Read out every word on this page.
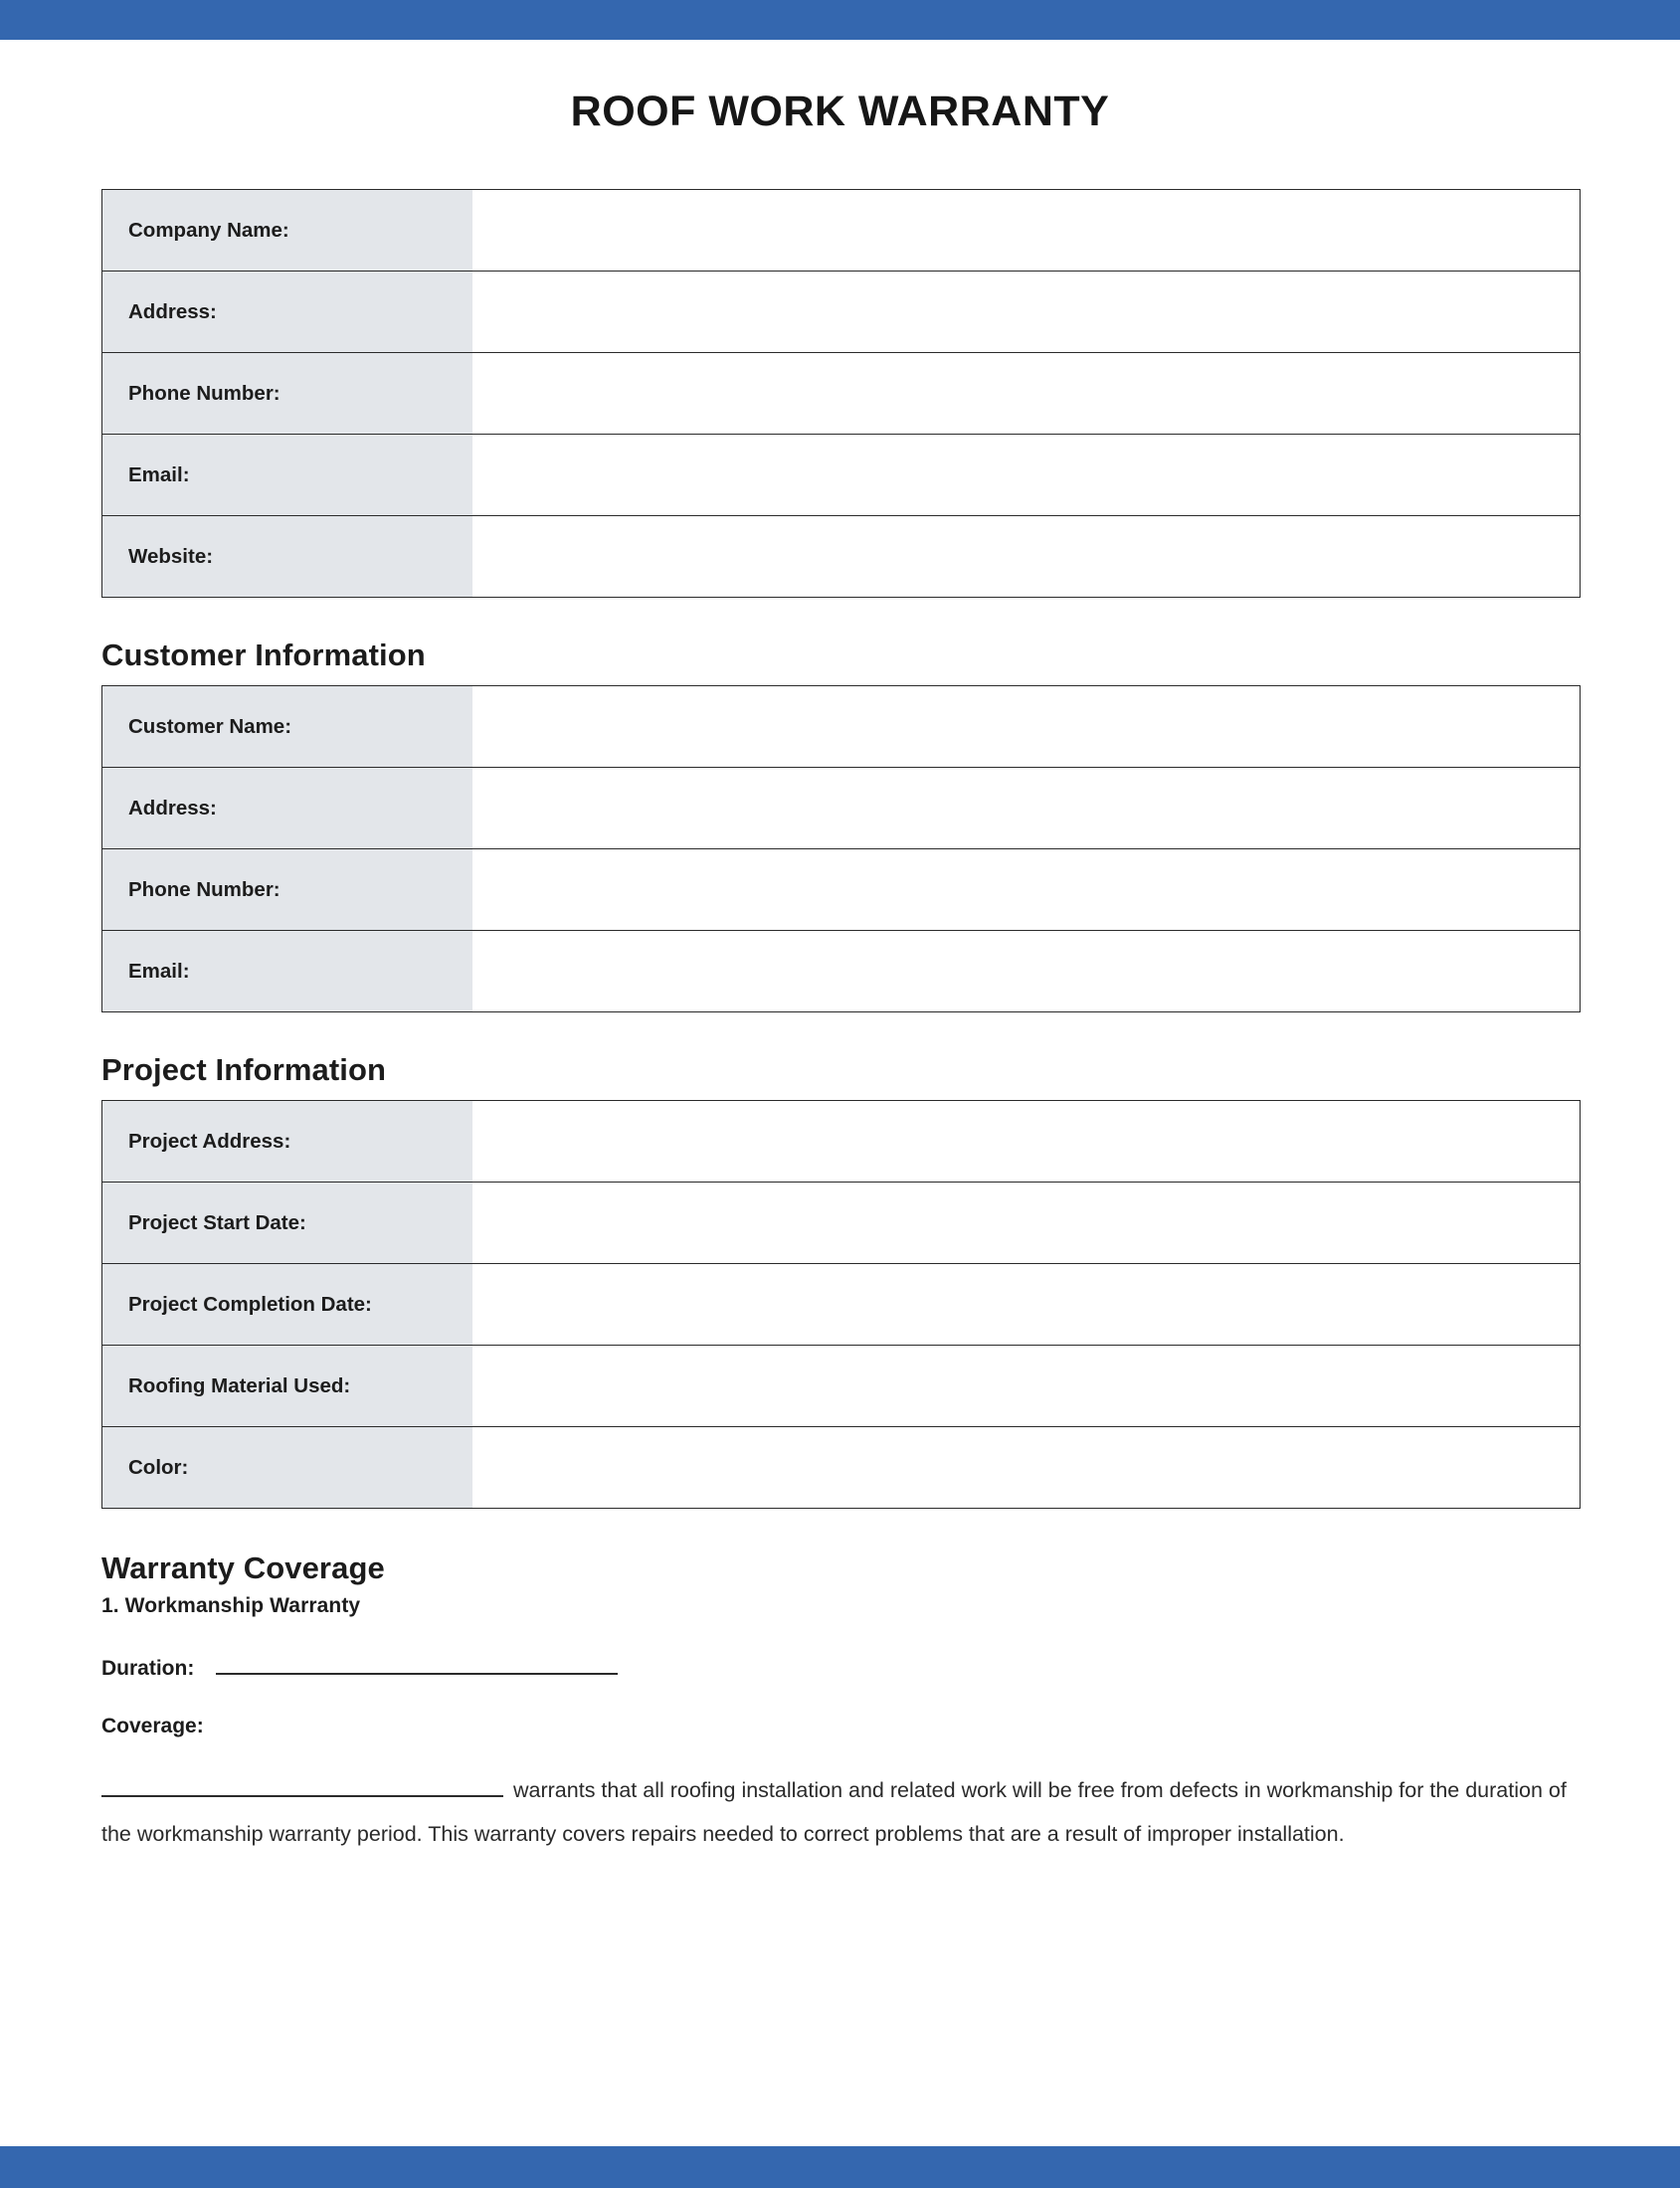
ROOF WORK WARRANTY
Company Name:	
Address:	
Phone Number:	
Email:	
Website:	
Customer Information
Customer Name:	
Address:	
Phone Number:	
Email:	
Project Information
Project Address:	
Project Start Date:	
Project Completion Date:	
Roofing Material Used:	
Color:	
Warranty Coverage
1. Workmanship Warranty
Duration:
Coverage:

warrants that all roofing installation and related work will be free from defects in workmanship for the duration of the workmanship warranty period. This warranty covers repairs needed to correct problems that are a result of improper installation.
